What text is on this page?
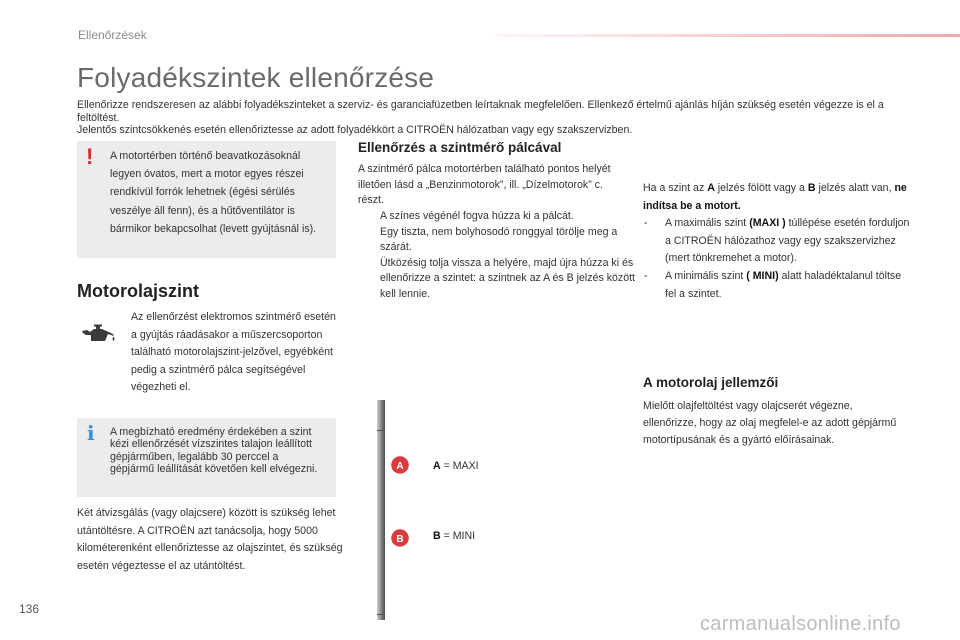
Ellenőrzések
Folyadékszintek ellenőrzése

Ellenőrizze rendszeresen az alábbi folyadékszinteket a szerviz- és garanciafüzetben leírtaknak megfelelően. Ellenkező értelmű ajánlás híján szükség esetén végezze is el a feltöltést.

Jelentős szintcsökkenés esetén ellenőriztesse az adott folyadékkört a CITROËN hálózatban vagy egy szakszervizben.

! A motortérben történő beavatkozásoknál legyen óvatos, mert a motor egyes részei rendkívül forrók lehetnek (égési sérülés veszélye áll fenn), és a hűtőventilátor is bármikor bekapcsolhat (levett gyújtásnál is).
Motorolajszint
Az ellenőrzést elektromos szintmérő esetén a gyújtás ráadásakor a műszercsoporton található motorolajszint-jelzővel, egyébként pedig a szintmérő pálca segítségével végezheti el.
i A megbízható eredmény érdekében a szint kézi ellenőrzését vízszintes talajon leállított gépjárműben, legalább 30 perccel a gépjármű leállítását követően kell elvégezni.
Két átvizsgálás (vagy olajcsere) között is szükség lehet utántöltésre. A CITROËN azt tanácsolja, hogy 5000 kilométerenként ellenőriztesse az olajszintet, és szükség esetén végeztesse el az utántöltést.
Ellenőrzés a szintmérő pálcával
A szintmérő pálca motortérben található pontos helyét illetően lásd a „Benzinmotorok”, ill. „Dízelmotorok” c. részt.
A színes végénél fogva húzza ki a pálcát.
Egy tiszta, nem bolyhosodó ronggyal törölje meg a szárát.
Ütközésig tolja vissza a helyére, majd újra húzza ki és ellenőrizze a szintet: a szintnek az A és B jelzés között kell lennie.
A
B
A = MAXI
B = MINI
Ha a szint az A jelzés fölött vagy a B jelzés alatt van, ne indítsa be a motort.
- A maximális szint (MAXI ) túllépése esetén forduljon a CITROËN hálózathoz vagy egy szakszervizhez (mert tönkremehet a motor).
- A minimális szint ( MINI) alatt haladéktalanul töltse fel a szintet.
A motorolaj jellemzői
Mielőtt olajfeltöltést vagy olajcserét végezne, ellenőrizze, hogy az olaj megfelel-e az adott gépjármű motortípusának és a gyártó előírásainak.
136
carmanualsonline.info
